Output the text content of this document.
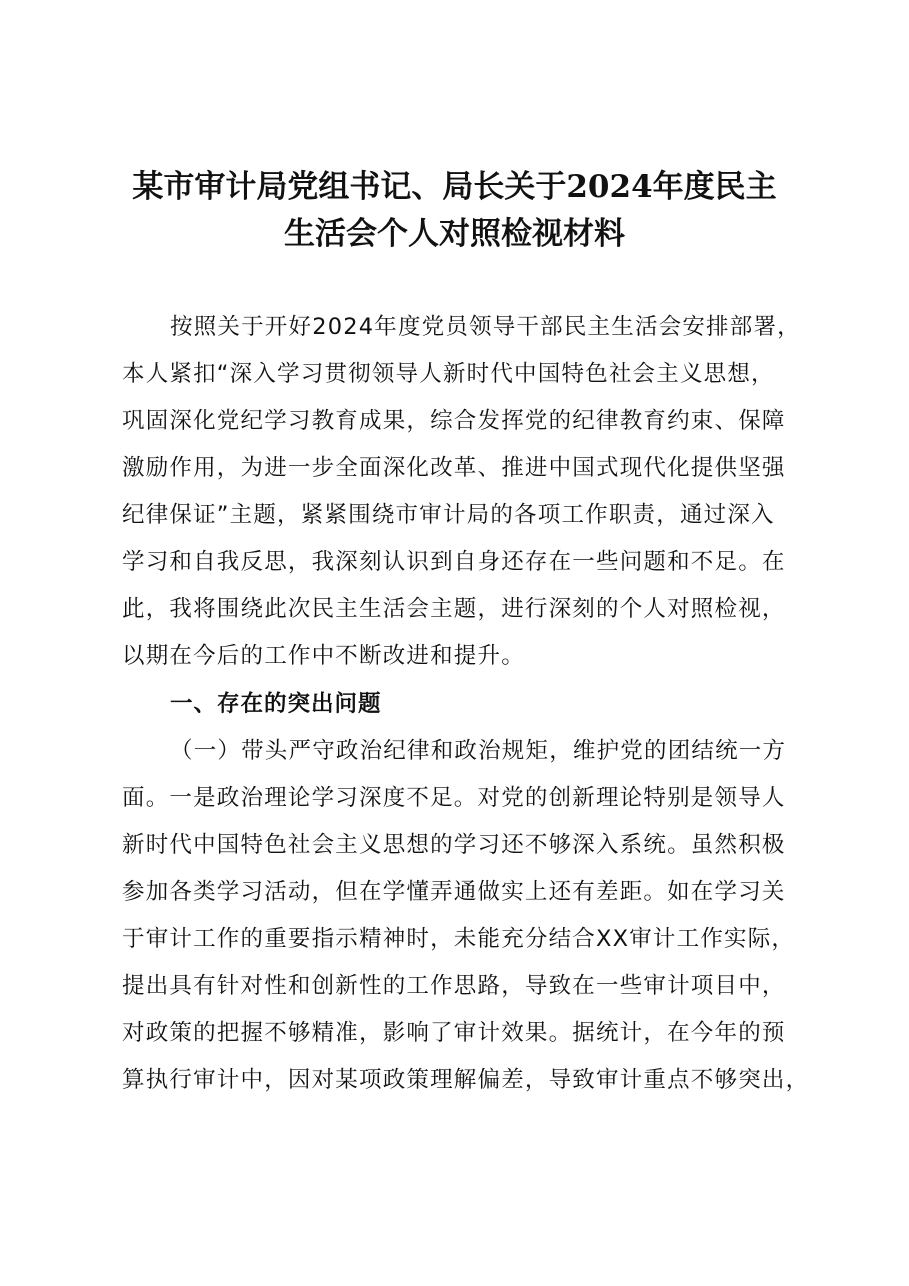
某市审计局党组书记、局长关于2024年度民主
生活会个人对照检视材料

按照关于开好2024年度党员领导干部民主生活会安排部署，

本人紧扣“深入学习贯彻领导人新时代中国特色社会主义思想，

巩固深化党纪学习教育成果，综合发挥党的纪律教育约束、保障

激励作用，为进一步全面深化改革、推进中国式现代化提供坚强

纪律保证”主题，紧紧围绕市审计局的各项工作职责，通过深入

学习和自我反思，我深刻认识到自身还存在一些问题和不足。在

此，我将围绕此次民主生活会主题，进行深刻的个人对照检视，

以期在今后的工作中不断改进和提升。

一、存在的突出问题

（一）带头严守政治纪律和政治规矩，维护党的团结统一方

面。一是政治理论学习深度不足。对党的创新理论特别是领导人

新时代中国特色社会主义思想的学习还不够深入系统。虽然积极

参加各类学习活动，但在学懂弄通做实上还有差距。如在学习关

于审计工作的重要指示精神时，未能充分结合XX审计工作实际，

提出具有针对性和创新性的工作思路，导致在一些审计项目中，

对政策的把握不够精准，影响了审计效果。据统计，在今年的预

算执行审计中，因对某项政策理解偏差，导致审计重点不够突出，
